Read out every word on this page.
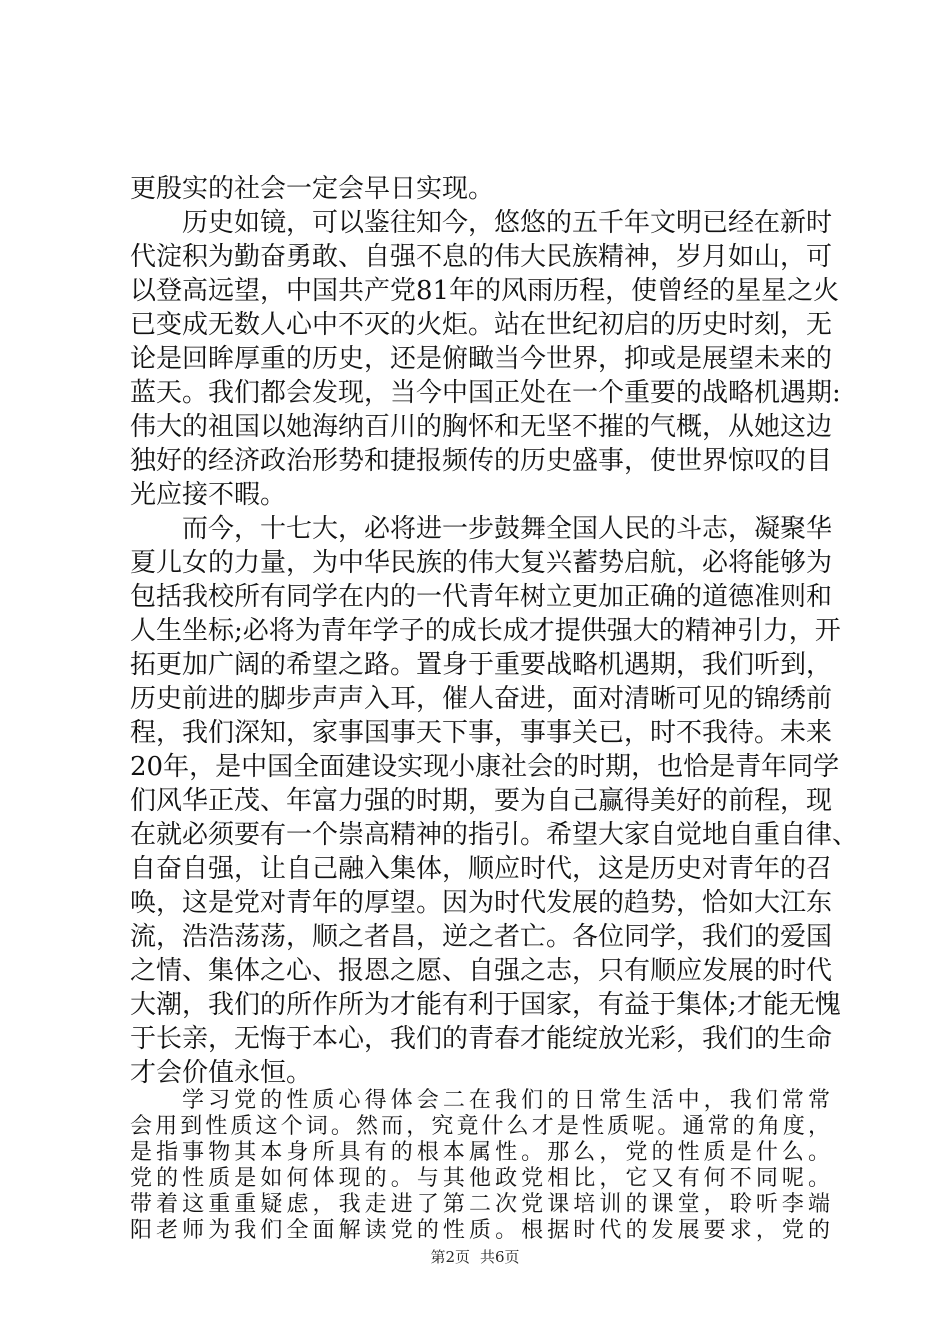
更殷实的社会一定会早日实现。
历史如镜，可以鉴往知今，悠悠的五千年文明已经在新时
代淀积为勤奋勇敢、自强不息的伟大民族精神，岁月如山，可
以登高远望，中国共产党81年的风雨历程，使曾经的星星之火
已变成无数人心中不灭的火炬。站在世纪初启的历史时刻，无
论是回眸厚重的历史，还是俯瞰当今世界，抑或是展望未来的
蓝天。我们都会发现，当今中国正处在一个重要的战略机遇期:
伟大的祖国以她海纳百川的胸怀和无坚不摧的气概，从她这边
独好的经济政治形势和捷报频传的历史盛事，使世界惊叹的目
光应接不暇。
而今，十七大，必将进一步鼓舞全国人民的斗志，凝聚华
夏儿女的力量，为中华民族的伟大复兴蓄势启航，必将能够为
包括我校所有同学在内的一代青年树立更加正确的道德准则和
人生坐标;必将为青年学子的成长成才提供强大的精神引力，开
拓更加广阔的希望之路。置身于重要战略机遇期，我们听到，
历史前进的脚步声声入耳，催人奋进，面对清晰可见的锦绣前
程，我们深知，家事国事天下事，事事关已，时不我待。未来
20年，是中国全面建设实现小康社会的时期，也恰是青年同学
们风华正茂、年富力强的时期，要为自己赢得美好的前程，现
在就必须要有一个崇高精神的指引。希望大家自觉地自重自律、
自奋自强，让自己融入集体，顺应时代，这是历史对青年的召
唤，这是党对青年的厚望。因为时代发展的趋势，恰如大江东
流，浩浩荡荡，顺之者昌，逆之者亡。各位同学，我们的爱国
之情、集体之心、报恩之愿、自强之志，只有顺应发展的时代
大潮，我们的所作所为才能有利于国家，有益于集体;才能无愧
于长亲，无悔于本心，我们的青春才能绽放光彩，我们的生命
才会价值永恒。
学习党的性质心得体会二在我们的日常生活中，我们常常
会用到性质这个词。然而，究竟什么才是性质呢。通常的角度，
是指事物其本身所具有的根本属性。那么，党的性质是什么。
党的性质是如何体现的。与其他政党相比，它又有何不同呢。
带着这重重疑虑，我走进了第二次党课培训的课堂，聆听李端
阳老师为我们全面解读党的性质。根据时代的发展要求，党的
第2页 共6页
